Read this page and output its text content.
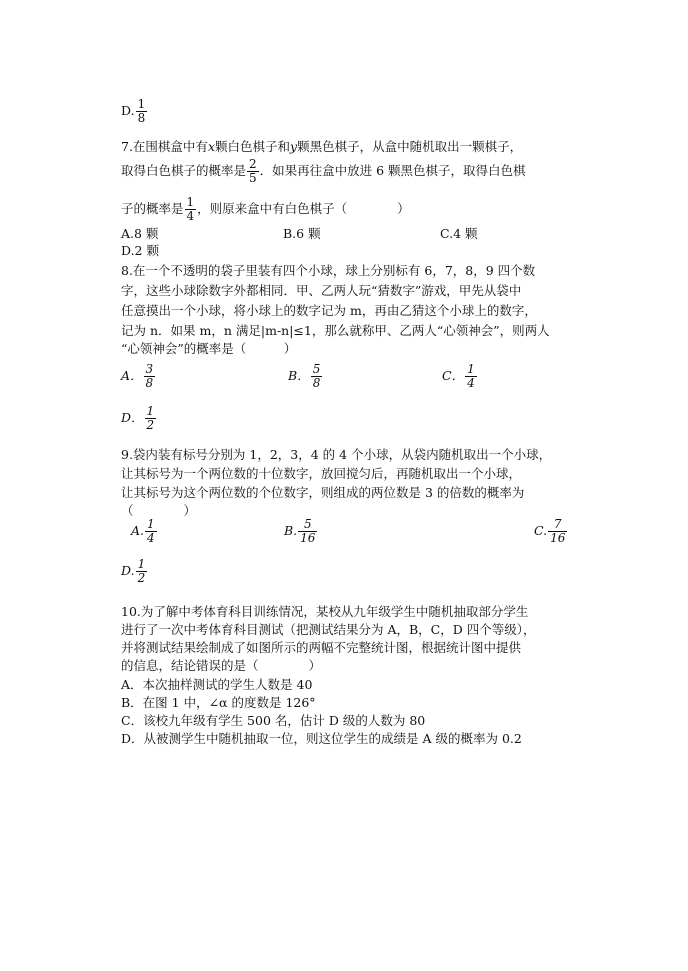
D. $\frac{1}{8}$
7.在围棋盒中有x颗白色棋子和y颗黑色棋子，从盒中随机取出一颗棋子，
取得白色棋子的概率是 $\frac{2}{5}$ ．如果再往盒中放进 6 颗黑色棋子，取得白色棋
子的概率是 $\frac{1}{4}$ ，则原来盒中有白色棋子（　　　　）
A.8 颗	B.6 颗	C.4 颗
D.2 颗
8.在一个不透明的袋子里装有四个小球，球上分别标有 6，7，8，9 四个数
字，这些小球除数字外都相同．甲、乙两人玩“猜数字”游戏，甲先从袋中
任意摸出一个小球，将小球上的数字记为 m，再由乙猜这个小球上的数字，
记为 n．如果 m，n 满足|m-n|≤1，那么就称甲、乙两人“心领神会”，则两人
“心领神会”的概率是（　　　）
A． $\frac{3}{8}$	B． $\frac{5}{8}$	C． $\frac{1}{4}$
D． $\frac{1}{2}$
9.袋内装有标号分别为 1，2，3，4 的 4 个小球，从袋内随机取出一个小球，
让其标号为一个两位数的十位数字，放回搅匀后，再随机取出一个小球，
让其标号为这个两位数的个位数字，则组成的两位数是 3 的倍数的概率为
（　　　　）
A. $\frac{1}{4}$	B. $\frac{5}{16}$	C. $\frac{7}{16}$
D. $\frac{1}{2}$
10.为了解中考体育科目训练情况，某校从九年级学生中随机抽取部分学生
进行了一次中考体育科目测试（把测试结果分为 A，B，C，D 四个等级），
并将测试结果绘制成了如图所示的两幅不完整统计图，根据统计图中提供
的信息，结论错误的是（　　　　）
A．本次抽样测试的学生人数是 40
B．在图 1 中，∠α 的度数是 126°
C．该校九年级有学生 500 名，估计 D 级的人数为 80
D．从被测学生中随机抽取一位，则这位学生的成绩是 A 级的概率为 0.2
